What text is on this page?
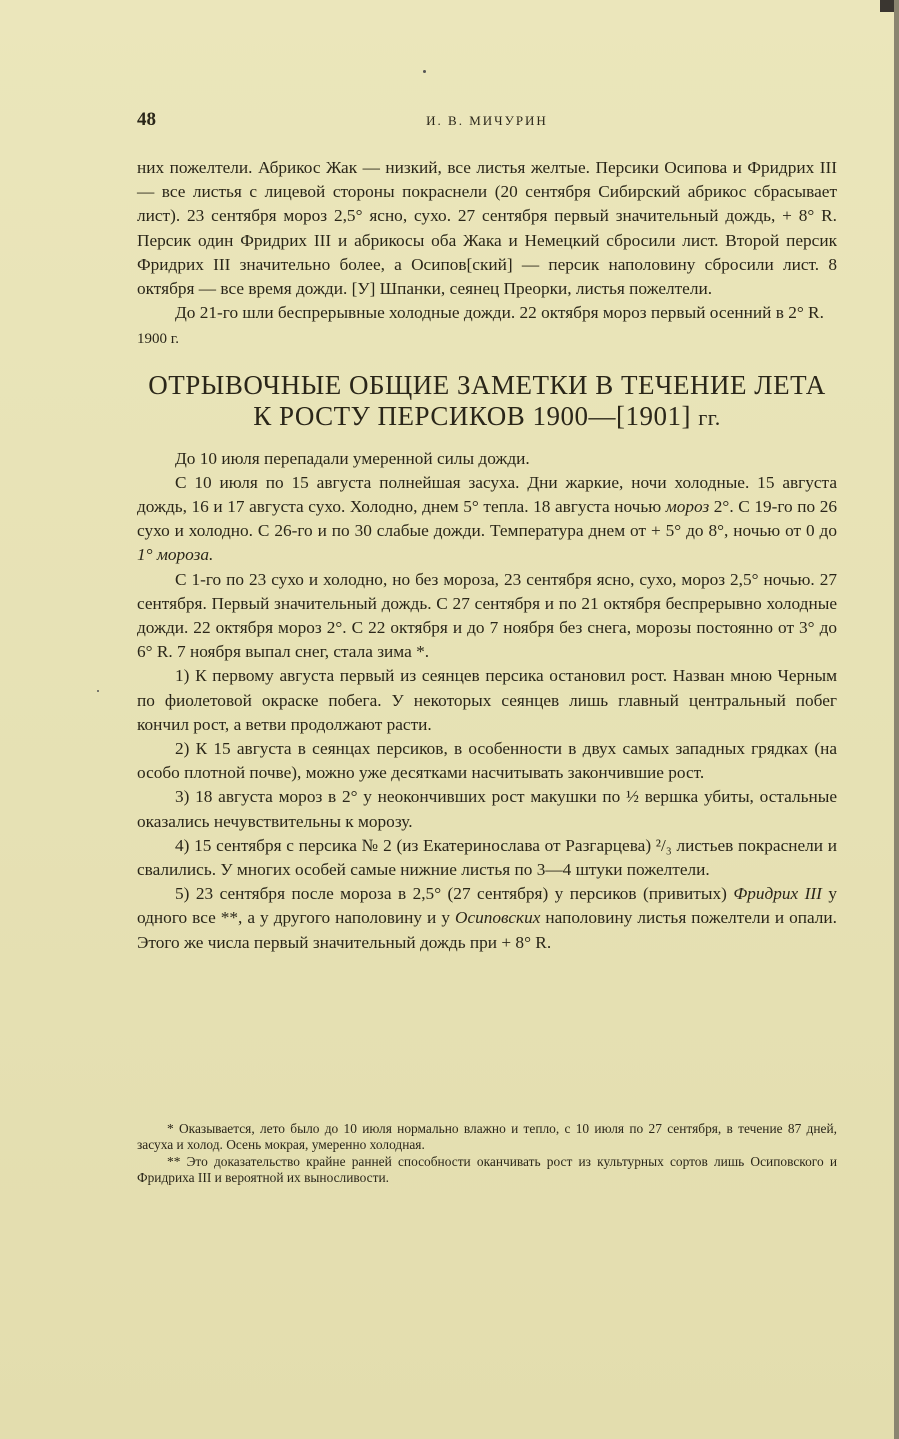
48	И. В. МИЧУРИН

них пожелтели. Абрикос Жак — низкий, все листья желтые. Персики Осипова и Фридрих III — все листья с лицевой стороны покраснели (20 сентября Сибирский абрикос сбрасывает лист). 23 сентября мороз 2,5° ясно, сухо. 27 сентября первый значительный дождь, + 8° R. Персик один Фридрих III и абрикосы оба Жака и Немецкий сбросили лист. Второй персик Фридрих III значительно более, а Осипов[ский] — персик наполовину сбросили лист. 8 октября — все время дожди. [У] Шпанки, сеянец Преорки, листья пожелтели.

До 21-го шли беспрерывные холодные дожди. 22 октября мороз первый осенний в 2° R.

1900 г.

ОТРЫВОЧНЫЕ ОБЩИЕ ЗАМЕТКИ В ТЕЧЕНИЕ ЛЕТА
К РОСТУ ПЕРСИКОВ 1900—[1901] гг.

До 10 июля перепадали умеренной силы дожди.

С 10 июля по 15 августа полнейшая засуха. Дни жаркие, ночи холодные. 15 августа дождь, 16 и 17 августа сухо. Холодно, днем 5° тепла. 18 августа ночью мороз 2°. С 19-го по 26 сухо и холодно. С 26-го и по 30 слабые дожди. Температура днем от + 5° до 8°, ночью от 0 до 1° мороза.

С 1-го по 23 сухо и холодно, но без мороза, 23 сентября ясно, сухо, мороз 2,5° ночью. 27 сентября. Первый значительный дождь. С 27 сентября и по 21 октября беспрерывно холодные дожди. 22 октября мороз 2°. С 22 октября и до 7 ноября без снега, морозы постоянно от 3° до 6° R. 7 ноября выпал снег, стала зима *.

1) К первому августа первый из сеянцев персика остановил рост. Назван мною Черным по фиолетовой окраске побега. У некоторых сеянцев лишь главный центральный побег кончил рост, а ветви продолжают расти.

2) К 15 августа в сеянцах персиков, в особенности в двух самых западных грядках (на особо плотной почве), можно уже десятками насчитывать закончившие рост.

3) 18 августа мороз в 2° у неокончивших рост макушки по ½ вершка убиты, остальные оказались нечувствительны к морозу.

4) 15 сентября с персика № 2 (из Екатеринослава от Разгарцева) ²/₃ листьев покраснели и свалились. У многих особей самые нижние листья по 3—4 штуки пожелтели.

5) 23 сентября после мороза в 2,5° (27 сентября) у персиков (привитых) Фридрих III у одного все **, а у другого наполовину и у Осиповских наполовину листья пожелтели и опали. Этого же числа первый значительный дождь при + 8° R.

* Оказывается, лето было до 10 июля нормально влажно и тепло, с 10 июля по 27 сентября, в течение 87 дней, засуха и холод. Осень мокрая, умеренно холодная.

** Это доказательство крайне ранней способности оканчивать рост из культурных сортов лишь Осиповского и Фридриха III и вероятной их выносливости.
